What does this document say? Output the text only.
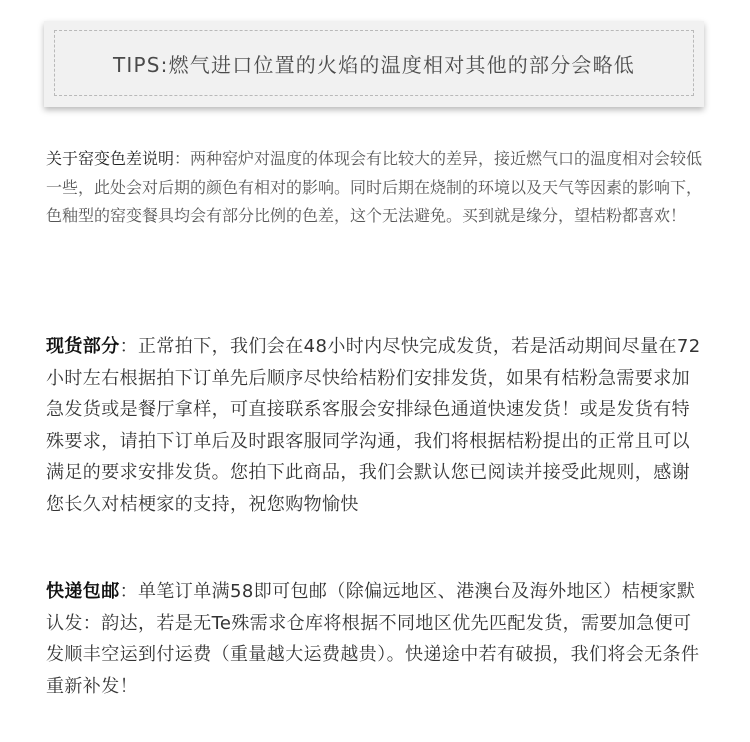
TIPS:燃气进口位置的火焰的温度相对其他的部分会略低
关于窑变色差说明：两种窑炉对温度的体现会有比较大的差异，接近燃气口的温度相对会较低一些，此处会对后期的颜色有相对的影响。同时后期在烧制的环境以及天气等因素的影响下，色釉型的窑变餐具均会有部分比例的色差，这个无法避免。买到就是缘分，望桔粉都喜欢！
现货部分：正常拍下，我们会在48小时内尽快完成发货，若是活动期间尽量在72小时左右根据拍下订单先后顺序尽快给桔粉们安排发货，如果有桔粉急需要求加急发货或是餐厅拿样，可直接联系客服会安排绿色通道快速发货！或是发货有特殊要求，请拍下订单后及时跟客服同学沟通，我们将根据桔粉提出的正常且可以满足的要求安排发货。您拍下此商品，我们会默认您已阅读并接受此规则，感谢您长久对桔梗家的支持，祝您购物愉快
快递包邮：单笔订单满58即可包邮（除偏远地区、港澳台及海外地区）桔梗家默认发：韵达，若是无Te殊需求仓库将根据不同地区优先匹配发货，需要加急便可发顺丰空运到付运费（重量越大运费越贵）。快递途中若有破损，我们将会无条件重新补发！
